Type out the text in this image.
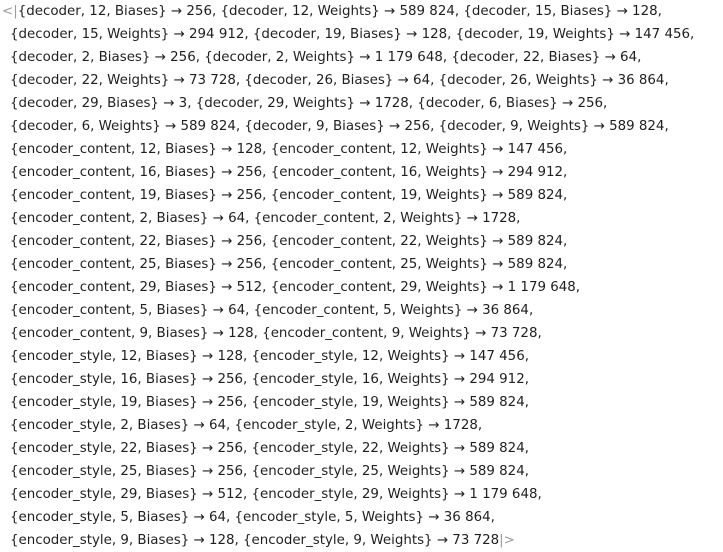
<|{decoder, 12, Biases} → 256, {decoder, 12, Weights} → 589 824, {decoder, 15, Biases} → 128,
{decoder, 15, Weights} → 294 912, {decoder, 19, Biases} → 128, {decoder, 19, Weights} → 147 456,
{decoder, 2, Biases} → 256, {decoder, 2, Weights} → 1 179 648, {decoder, 22, Biases} → 64,
{decoder, 22, Weights} → 73 728, {decoder, 26, Biases} → 64, {decoder, 26, Weights} → 36 864,
{decoder, 29, Biases} → 3, {decoder, 29, Weights} → 1728, {decoder, 6, Biases} → 256,
{decoder, 6, Weights} → 589 824, {decoder, 9, Biases} → 256, {decoder, 9, Weights} → 589 824,
{encoder_content, 12, Biases} → 128, {encoder_content, 12, Weights} → 147 456,
{encoder_content, 16, Biases} → 256, {encoder_content, 16, Weights} → 294 912,
{encoder_content, 19, Biases} → 256, {encoder_content, 19, Weights} → 589 824,
{encoder_content, 2, Biases} → 64, {encoder_content, 2, Weights} → 1728,
{encoder_content, 22, Biases} → 256, {encoder_content, 22, Weights} → 589 824,
{encoder_content, 25, Biases} → 256, {encoder_content, 25, Weights} → 589 824,
{encoder_content, 29, Biases} → 512, {encoder_content, 29, Weights} → 1 179 648,
{encoder_content, 5, Biases} → 64, {encoder_content, 5, Weights} → 36 864,
{encoder_content, 9, Biases} → 128, {encoder_content, 9, Weights} → 73 728,
{encoder_style, 12, Biases} → 128, {encoder_style, 12, Weights} → 147 456,
{encoder_style, 16, Biases} → 256, {encoder_style, 16, Weights} → 294 912,
{encoder_style, 19, Biases} → 256, {encoder_style, 19, Weights} → 589 824,
{encoder_style, 2, Biases} → 64, {encoder_style, 2, Weights} → 1728,
{encoder_style, 22, Biases} → 256, {encoder_style, 22, Weights} → 589 824,
{encoder_style, 25, Biases} → 256, {encoder_style, 25, Weights} → 589 824,
{encoder_style, 29, Biases} → 512, {encoder_style, 29, Weights} → 1 179 648,
{encoder_style, 5, Biases} → 64, {encoder_style, 5, Weights} → 36 864,
{encoder_style, 9, Biases} → 128, {encoder_style, 9, Weights} → 73 728|>
